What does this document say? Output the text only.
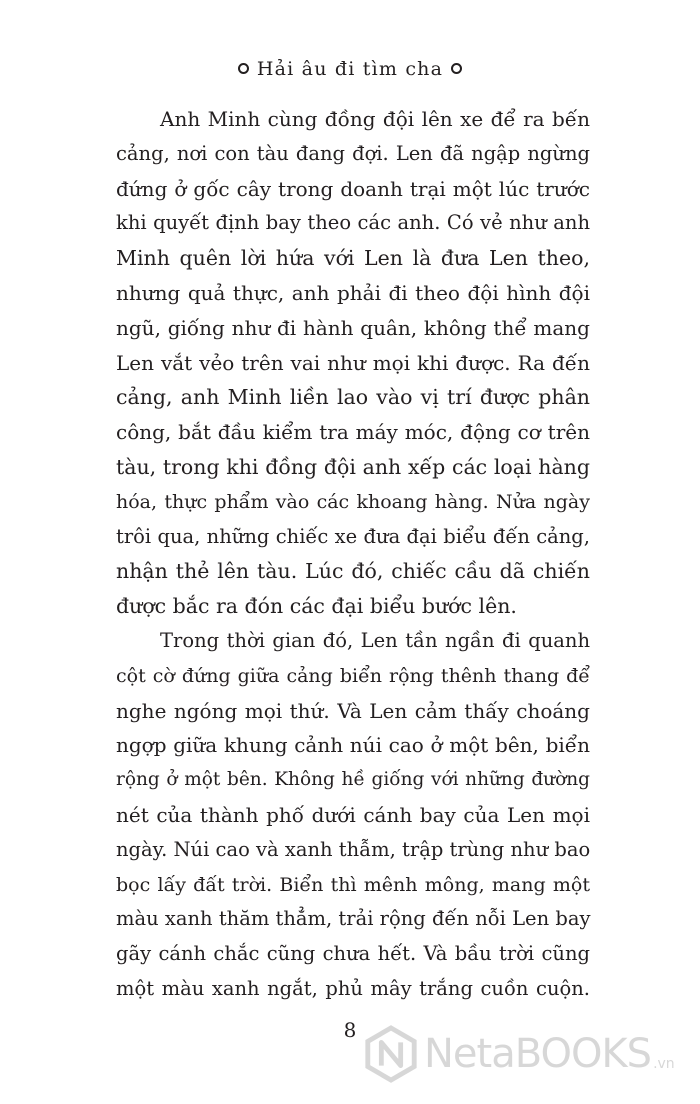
Hải âu đi tìm cha
Anh Minh cùng đồng đội lên xe để ra bến
cảng, nơi con tàu đang đợi. Len đã ngập ngừng
đứng ở gốc cây trong doanh trại một lúc trước
khi quyết định bay theo các anh. Có vẻ như anh
Minh quên lời hứa với Len là đưa Len theo,
nhưng quả thực, anh phải đi theo đội hình đội
ngũ, giống như đi hành quân, không thể mang
Len vắt vẻo trên vai như mọi khi được. Ra đến
cảng, anh Minh liền lao vào vị trí được phân
công, bắt đầu kiểm tra máy móc, động cơ trên
tàu, trong khi đồng đội anh xếp các loại hàng
hóa, thực phẩm vào các khoang hàng. Nửa ngày
trôi qua, những chiếc xe đưa đại biểu đến cảng,
nhận thẻ lên tàu. Lúc đó, chiếc cầu dã chiến
được bắc ra đón các đại biểu bước lên.
Trong thời gian đó, Len tần ngần đi quanh
cột cờ đứng giữa cảng biển rộng thênh thang để
nghe ngóng mọi thứ. Và Len cảm thấy choáng
ngợp giữa khung cảnh núi cao ở một bên, biển
rộng ở một bên. Không hề giống với những đường
nét của thành phố dưới cánh bay của Len mọi
ngày. Núi cao và xanh thẫm, trập trùng như bao
bọc lấy đất trời. Biển thì mênh mông, mang một
màu xanh thăm thẳm, trải rộng đến nỗi Len bay
gãy cánh chắc cũng chưa hết. Và bầu trời cũng
một màu xanh ngắt, phủ mây trắng cuồn cuộn.
8
NetaBOOKS .vn
